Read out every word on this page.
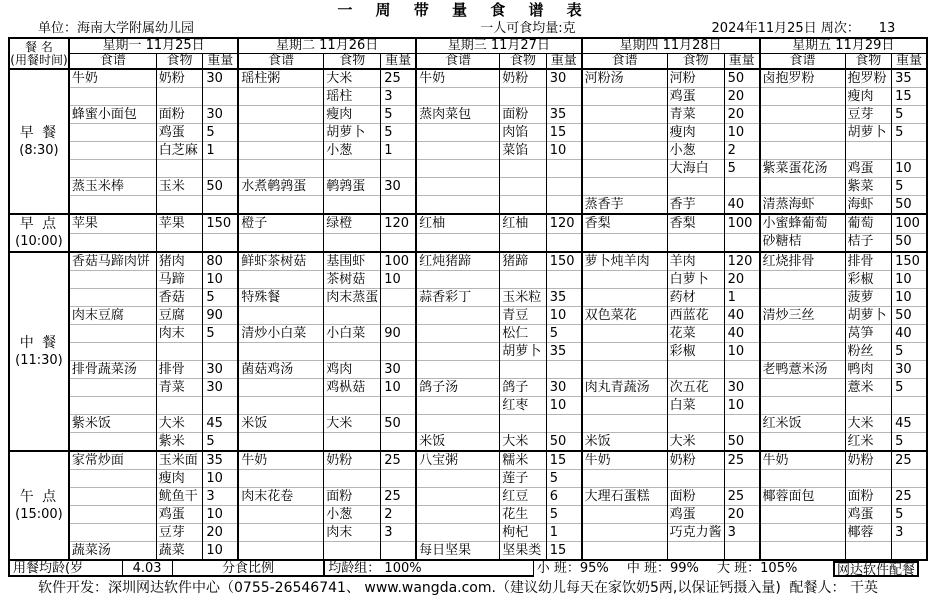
一 周 带 量 食 谱 表
单位：海南大学附属幼儿园	一人可食均量:克	2024年11月25日 周次： 13
餐 名
(用餐时间)	星期一 11月25日			星期二 11月26日			星期三 11月27日			星期四 11月28日			星期五 11月29日		
	食谱	食物	重量	食谱	食物	重量	食谱	食物	重量	食谱	食物	重量	食谱	食物	重量

早 餐
(8:30)	牛奶	奶粉	30	瑶柱粥	大米	25	牛奶	奶粉	30	河粉汤	河粉	50	卤抱罗粉	抱罗粉	35
					瑶柱	3					鸡蛋	20		瘦肉	15
	蜂蜜小面包	面粉	30		瘦肉	5	蒸肉菜包	面粉	35		青菜	20		豆芽	5
		鸡蛋	5		胡萝卜	5		肉馅	15		瘦肉	10		胡萝卜	5
		白芝麻	1		小葱	1		菜馅	10		小葱	2			
											大海白	5	紫菜蛋花汤	鸡蛋	10
	蒸玉米棒	玉米	50	水煮鹌鹑蛋	鹌鹑蛋	30								紫菜	5
										蒸香芋	香芋	40	清蒸海虾	海虾	50

早 点
(10:00)	苹果	苹果	150	橙子	绿橙	120	红柚	红柚	120	香梨	香梨	100	小蜜蜂葡萄	葡萄	100
													砂糖桔	桔子	50

中 餐
(11:30)	香菇马蹄肉饼	猪肉	80	鲜虾茶树菇	基围虾	100	红炖猪蹄	猪蹄	150	萝卜炖羊肉	羊肉	120	红烧排骨	排骨	150
		马蹄	10		茶树菇	10					白萝卜	20		彩椒	10
		香菇	5	特殊餐	肉末蒸蛋		蒜香彩丁	玉米粒	35		药材	1		菠萝	10
	肉末豆腐	豆腐	90					青豆	10	双色菜花	西蓝花	40	清炒三丝	胡萝卜	50
		肉末	5	清炒小白菜	小白菜	90		松仁	5		花菜	40		莴笋	40
								胡萝卜	35		彩椒	10		粉丝	5
	排骨蔬菜汤	排骨	30	菌菇鸡汤	鸡肉	30							老鸭薏米汤	鸭肉	30
		青菜	30		鸡枞菇	10	鸽子汤	鸽子	30	肉丸青蔬汤	次五花	30		薏米	5
								红枣	10		白菜	10			
	紫米饭	大米	45	米饭	大米	50							红米饭	大米	45
		紫米	5				米饭	大米	50	米饭	大米	50		红米	5

午 点
(15:00)	家常炒面	玉米面	35	牛奶	奶粉	25	八宝粥	糯米	15	牛奶	奶粉	25	牛奶	奶粉	25
		瘦肉	10					莲子	5						
		鱿鱼干	3	肉末花卷	面粉	25		红豆	6	大理石蛋糕	面粉	25	椰蓉面包	面粉	25
		鸡蛋	10		小葱	2		花生	5		鸡蛋	20		鸡蛋	5
		豆芽	20		肉末	3		枸杞	1		巧克力酱	3		椰蓉	3
	蔬菜汤	蔬菜	10				每日坚果	坚果类	15						
用餐均龄(岁	4.03	分食比例	均龄组： 100%	小 班：95% 中 班：99% 大 班：105%	网达软件配餐
软件开发：深圳网达软件中心（0755-26546741、 www.wangda.com.（建议幼儿每天在家饮奶5两,以保证钙摄入量) 配餐人： 干英
